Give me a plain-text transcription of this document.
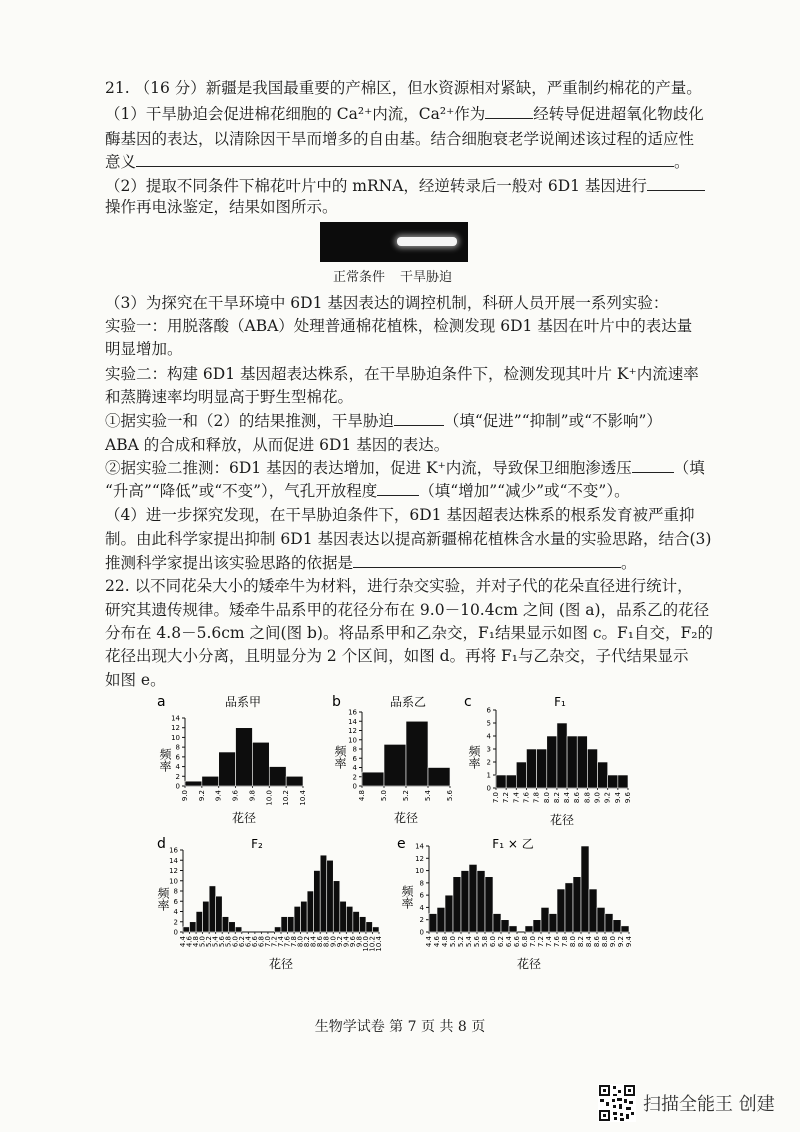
21. （16 分）新疆是我国最重要的产棉区，但水资源相对紧缺，严重制约棉花的产量。
（1）干旱胁迫会促进棉花细胞的 Ca²⁺内流，Ca²⁺作为	经转导促进超氧化物歧化
酶基因的表达，以清除因干旱而增多的自由基。结合细胞衰老学说阐述该过程的适应性
意义	。
（2）提取不同条件下棉花叶片中的 mRNA，经逆转录后一般对 6D1 基因进行
操作再电泳鉴定，结果如图所示。
正常条件 干旱胁迫
（3）为探究在干旱环境中 6D1 基因表达的调控机制，科研人员开展一系列实验：
实验一：用脱落酸（ABA）处理普通棉花植株，检测发现 6D1 基因在叶片中的表达量
明显增加。
实验二：构建 6D1 基因超表达株系，在干旱胁迫条件下，检测发现其叶片 K⁺内流速率
和蒸腾速率均明显高于野生型棉花。
①据实验一和（2）的结果推测，干旱胁迫	（填“促进”“抑制”或“不影响”）
ABA 的合成和释放，从而促进 6D1 基因的表达。
②据实验二推测：6D1 基因的表达增加，促进 K⁺内流，导致保卫细胞渗透压	（填
“升高”“降低”或“不变”），气孔开放程度	（填“增加”“减少”或“不变”）。
（4）进一步探究发现，在干旱胁迫条件下，6D1 基因超表达株系的根系发育被严重抑
制。由此科学家提出抑制 6D1 基因表达以提高新疆棉花植株含水量的实验思路，结合(3)
推测科学家提出该实验思路的依据是	。
22. 以不同花朵大小的矮牵牛为材料，进行杂交实验，并对子代的花朵直径进行统计，
研究其遗传规律。矮牵牛品系甲的花径分布在 9.0－10.4cm 之间 (图 a)，品系乙的花径
分布在 4.8－5.6cm 之间(图 b)。将品系甲和乙杂交，F₁结果显示如图 c。F₁自交，F₂的
花径出现大小分离，且明显分为 2 个区间，如图 d。再将 F₁与乙杂交，子代结果显示
如图 e。
a	品系甲
频率
0
2
4
6
8
10
12
14
9.0 9.2 9.4 9.6 9.8 10.0 10.2 10.4
花径
b	品系乙
频率
0
2
4
6
8
10
12
14
16
4.8 5.0 5.2 5.4 5.6
花径
c	F₁
频率
0
1
2
3
4
5
6
7.0 7.2 7.4 7.6 7.8 8.0 8.2 8.4 8.6 8.8 9.0 9.2 9.4 9.6
花径
d	F₂
频率
0
2
4
6
8
10
12
14
16
4.4
4.6
4.8
5.0
5.2
5.4
5.6
5.8
6.0
6.2
6.4
6.6
6.8
7.0
7.2
7.4
7.6
7.8
8.0
8.2
8.4
8.6
8.8
9.0
9.2
9.4
9.6
9.8
10.0
10.2
10.4
花径
e	F₁ × 乙
频率
0
2
4
6
8
10
12
14
4.4 4.6 4.8 5.0 5.2 5.4 5.6 5.8 6.0 6.2 6.4 6.6 6.8 7.0 7.2 7.4 7.6 7.8 8.0 8.2 8.4 8.6 8.8 9.0 9.2 9.4
花径
生物学试卷 第 7 页 共 8 页
扫描全能王 创建
